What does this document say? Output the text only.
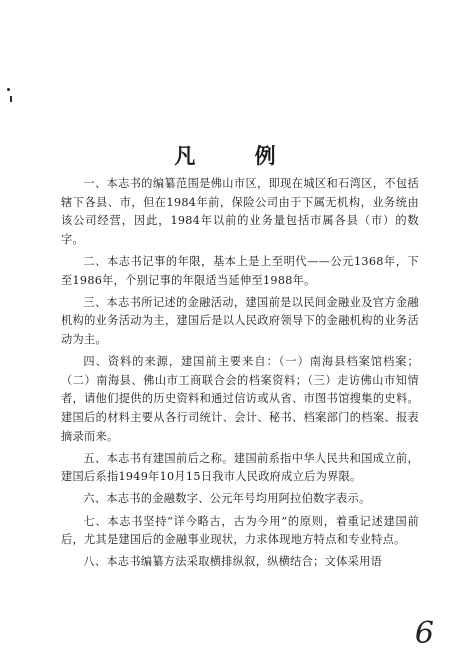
凡 例

一、本志书的编纂范围是佛山市区，即现在城区和石湾区，不包括辖下各县、市，但在1984年前，保险公司由于下属无机构，业务统由该公司经营，因此，1984年以前的业务量包括市属各县（市）的数字。

二、本志书记事的年限，基本上是上至明代——公元1368年，下至1986年，个别记事的年限适当延伸至1988年。

三、本志书所记述的金融活动，建国前是以民间金融业及官方金融机构的业务活动为主，建国后是以人民政府领导下的金融机构的业务活动为主。

四、资料的来源，建国前主要来自：（一）南海县档案馆档案；（二）南海县、佛山市工商联合会的档案资料；（三）走访佛山市知情者，请他们提供的历史资料和通过信访或从省、市图书馆搜集的史料。建国后的材料主要从各行司统计、会计、秘书、档案部门的档案、报表摘录而来。

五、本志书有建国前后之称。建国前系指中华人民共和国成立前，建国后系指1949年10月15日我市人民政府成立后为界限。

六、本志书的金融数字、公元年号均用阿拉伯数字表示。

七、本志书坚持“详今略古，古为今用”的原则，着重记述建国前后，尤其是建国后的金融事业现状，力求体现地方特点和专业特点。

八、本志书编纂方法采取横排纵叙，纵横结合；文体采用语

6
